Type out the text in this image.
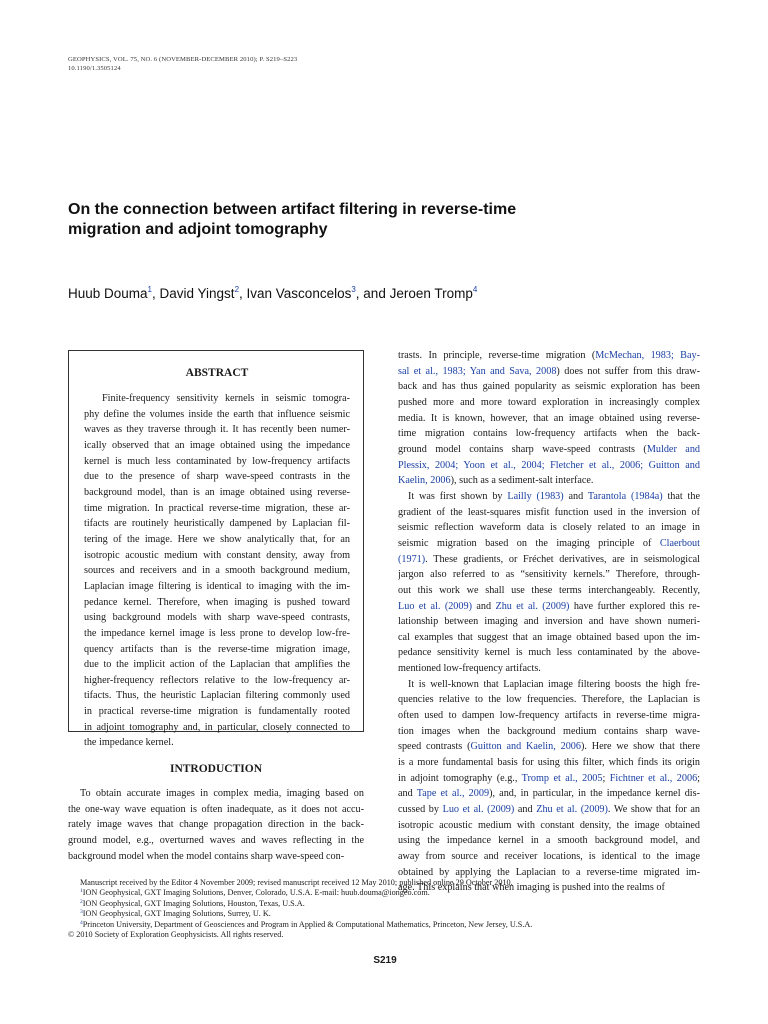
GEOPHYSICS, VOL. 75, NO. 6 (NOVEMBER-DECEMBER 2010); P. S219–S223
10.1190/1.3505124
On the connection between artifact filtering in reverse-time
migration and adjoint tomography
Huub Douma$^1$, David Yingst$^2$, Ivan Vasconcelos$^3$, and Jeroen Tromp$^4$
ABSTRACT
Finite-frequency sensitivity kernels in seismic tomogra-
phy define the volumes inside the earth that influence seismic
waves as they traverse through it. It has recently been numer-
ically observed that an image obtained using the impedance
kernel is much less contaminated by low-frequency artifacts
due to the presence of sharp wave-speed contrasts in the
background model, than is an image obtained using reverse-
time migration. In practical reverse-time migration, these ar-
tifacts are routinely heuristically dampened by Laplacian fil-
tering of the image. Here we show analytically that, for an
isotropic acoustic medium with constant density, away from
sources and receivers and in a smooth background medium,
Laplacian image filtering is identical to imaging with the im-
pedance kernel. Therefore, when imaging is pushed toward
using background models with sharp wave-speed contrasts,
the impedance kernel image is less prone to develop low-fre-
quency artifacts than is the reverse-time migration image,
due to the implicit action of the Laplacian that amplifies the
higher-frequency reflectors relative to the low-frequency ar-
tifacts. Thus, the heuristic Laplacian filtering commonly used
in practical reverse-time migration is fundamentally rooted
in adjoint tomography and, in particular, closely connected to
the impedance kernel.
INTRODUCTION
To obtain accurate images in complex media, imaging based on
the one-way wave equation is often inadequate, as it does not accu-
rately image waves that change propagation direction in the back-
ground model, e.g., overturned waves and waves reflecting in the
background model when the model contains sharp wave-speed con-
trasts. In principle, reverse-time migration (McMechan, 1983; Bay-
sal et al., 1983; Yan and Sava, 2008) does not suffer from this draw-
back and has thus gained popularity as seismic exploration has been
pushed more and more toward exploration in increasingly complex
media. It is known, however, that an image obtained using reverse-
time migration contains low-frequency artifacts when the back-
ground model contains sharp wave-speed contrasts (Mulder and
Plessix, 2004; Yoon et al., 2004; Fletcher et al., 2006; Guitton and
Kaelin, 2006), such as a sediment-salt interface.
It was first shown by Lailly (1983) and Tarantola (1984a) that the
gradient of the least-squares misfit function used in the inversion of
seismic reflection waveform data is closely related to an image in
seismic migration based on the imaging principle of Claerbout
(1971). These gradients, or Fréchet derivatives, are in seismological
jargon also referred to as “sensitivity kernels.” Therefore, through-
out this work we shall use these terms interchangeably. Recently,
Luo et al. (2009) and Zhu et al. (2009) have further explored this re-
lationship between imaging and inversion and have shown numeri-
cal examples that suggest that an image obtained based upon the im-
pedance sensitivity kernel is much less contaminated by the above-
mentioned low-frequency artifacts.
It is well-known that Laplacian image filtering boosts the high fre-
quencies relative to the low frequencies. Therefore, the Laplacian is
often used to dampen low-frequency artifacts in reverse-time migra-
tion images when the background medium contains sharp wave-
speed contrasts (Guitton and Kaelin, 2006). Here we show that there
is a more fundamental basis for using this filter, which finds its origin
in adjoint tomography (e.g., Tromp et al., 2005; Fichtner et al., 2006;
and Tape et al., 2009), and, in particular, in the impedance kernel dis-
cussed by Luo et al. (2009) and Zhu et al. (2009). We show that for an
isotropic acoustic medium with constant density, the image obtained
using the impedance kernel in a smooth background model, and
away from source and receiver locations, is identical to the image
obtained by applying the Laplacian to a reverse-time migrated im-
age. This explains that when imaging is pushed into the realms of
Manuscript received by the Editor 4 November 2009; revised manuscript received 12 May 2010; published online 29 October 2010.
$^1$ION Geophysical, GXT Imaging Solutions, Denver, Colorado, U.S.A. E-mail: huub.douma@iongeo.com.
$^2$ION Geophysical, GXT Imaging Solutions, Houston, Texas, U.S.A.
$^3$ION Geophysical, GXT Imaging Solutions, Surrey, U. K.
$^4$Princeton University, Department of Geosciences and Program in Applied & Computational Mathematics, Princeton, New Jersey, U.S.A.
© 2010 Society of Exploration Geophysicists. All rights reserved.
S219
